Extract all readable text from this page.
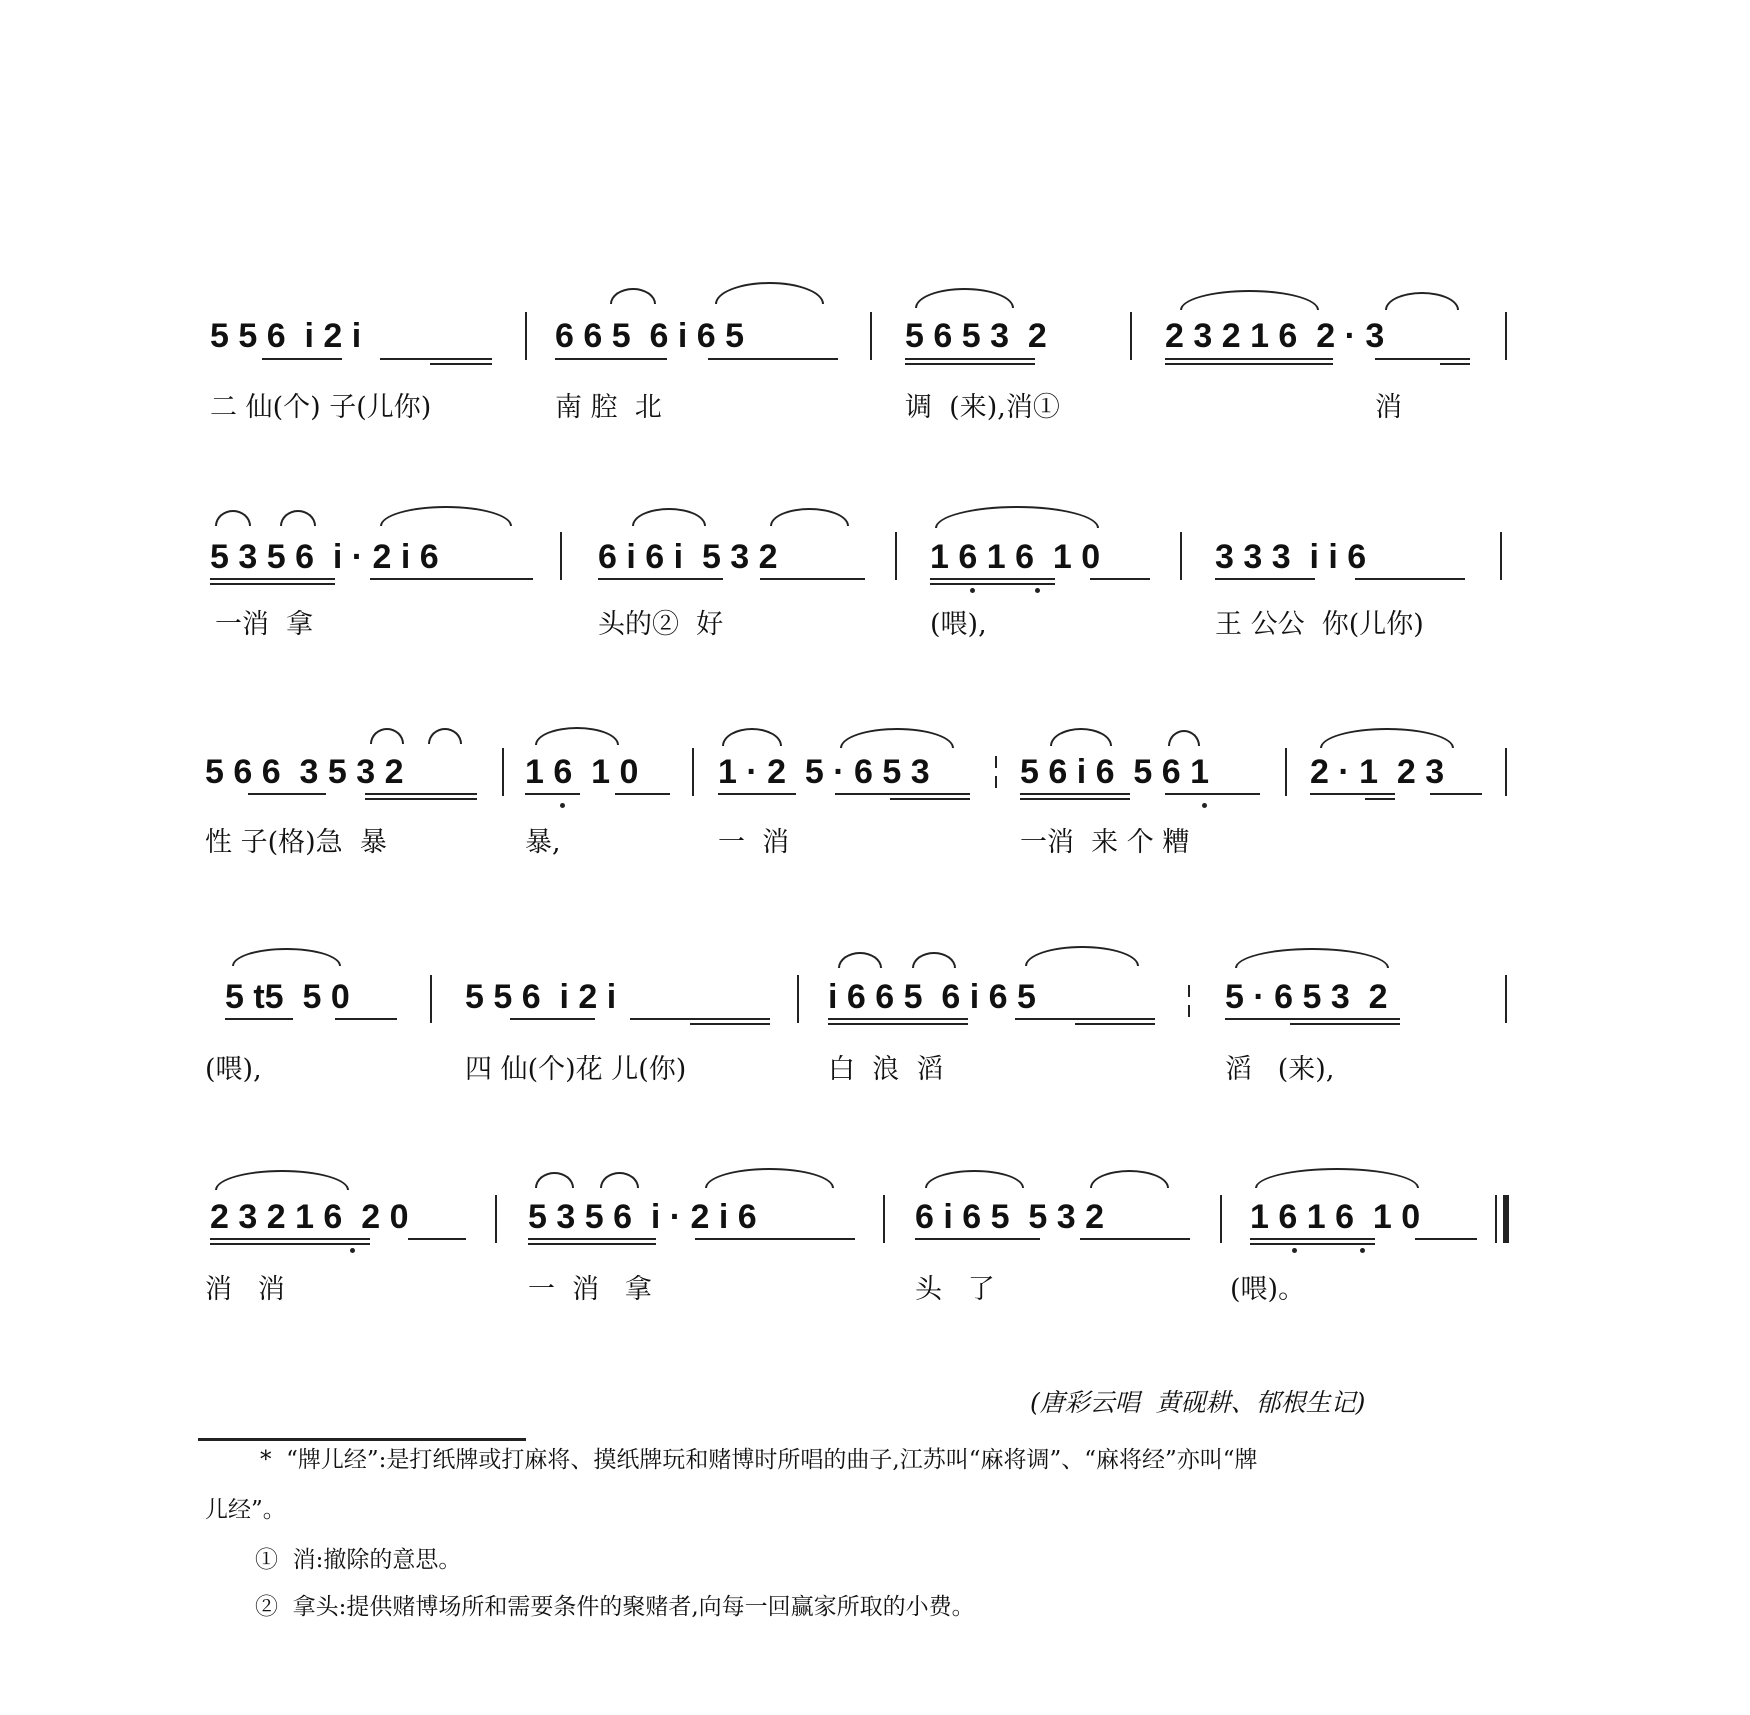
5 5 6  i 2 i	6 6 5  6 i 6 5	5 6 5 3  2	2 3 2 1 6  2 · 3
二 仙(个) 子(儿你)	南 腔  北	调  (来),消①	消
5 3 5 6  i · 2 i 6	6 i 6 i  5 3 2	1 6 1 6  1 0	3 3 3  i i 6
一消  拿	头的②  好	(喂),	王 公公  你(儿你)
5 6 6  3 5 3 2	1 6  1 0 1 · 2  5 · 6 5 3	5 6 i 6  5 6 1	2 · 1  2 3
性 子(格)急  暴	暴,	一  消	一消  来 个 糟
5 t5  5 0	5 5 6  i 2 i	i 6 6 5  6 i 6 5	5 · 6 5 3  2
(喂),	四 仙(个)花 儿(你)	白  浪  滔	滔   (来),
2 3 2 1 6  2 0	5 3 5 6  i · 2 i 6	6 i 6 5  5 3 2	1 6 1 6  1 0
消   消	一  消   拿	头   了	(喂)。
(唐彩云唱  黄砚耕、郁根生记)
*  “牌儿经”:是打纸牌或打麻将、摸纸牌玩和赌博时所唱的曲子,江苏叫“麻将调”、“麻将经”亦叫“牌
儿经”。
①  消:撤除的意思。
②  拿头:提供赌博场所和需要条件的聚赌者,向每一回赢家所取的小费。
